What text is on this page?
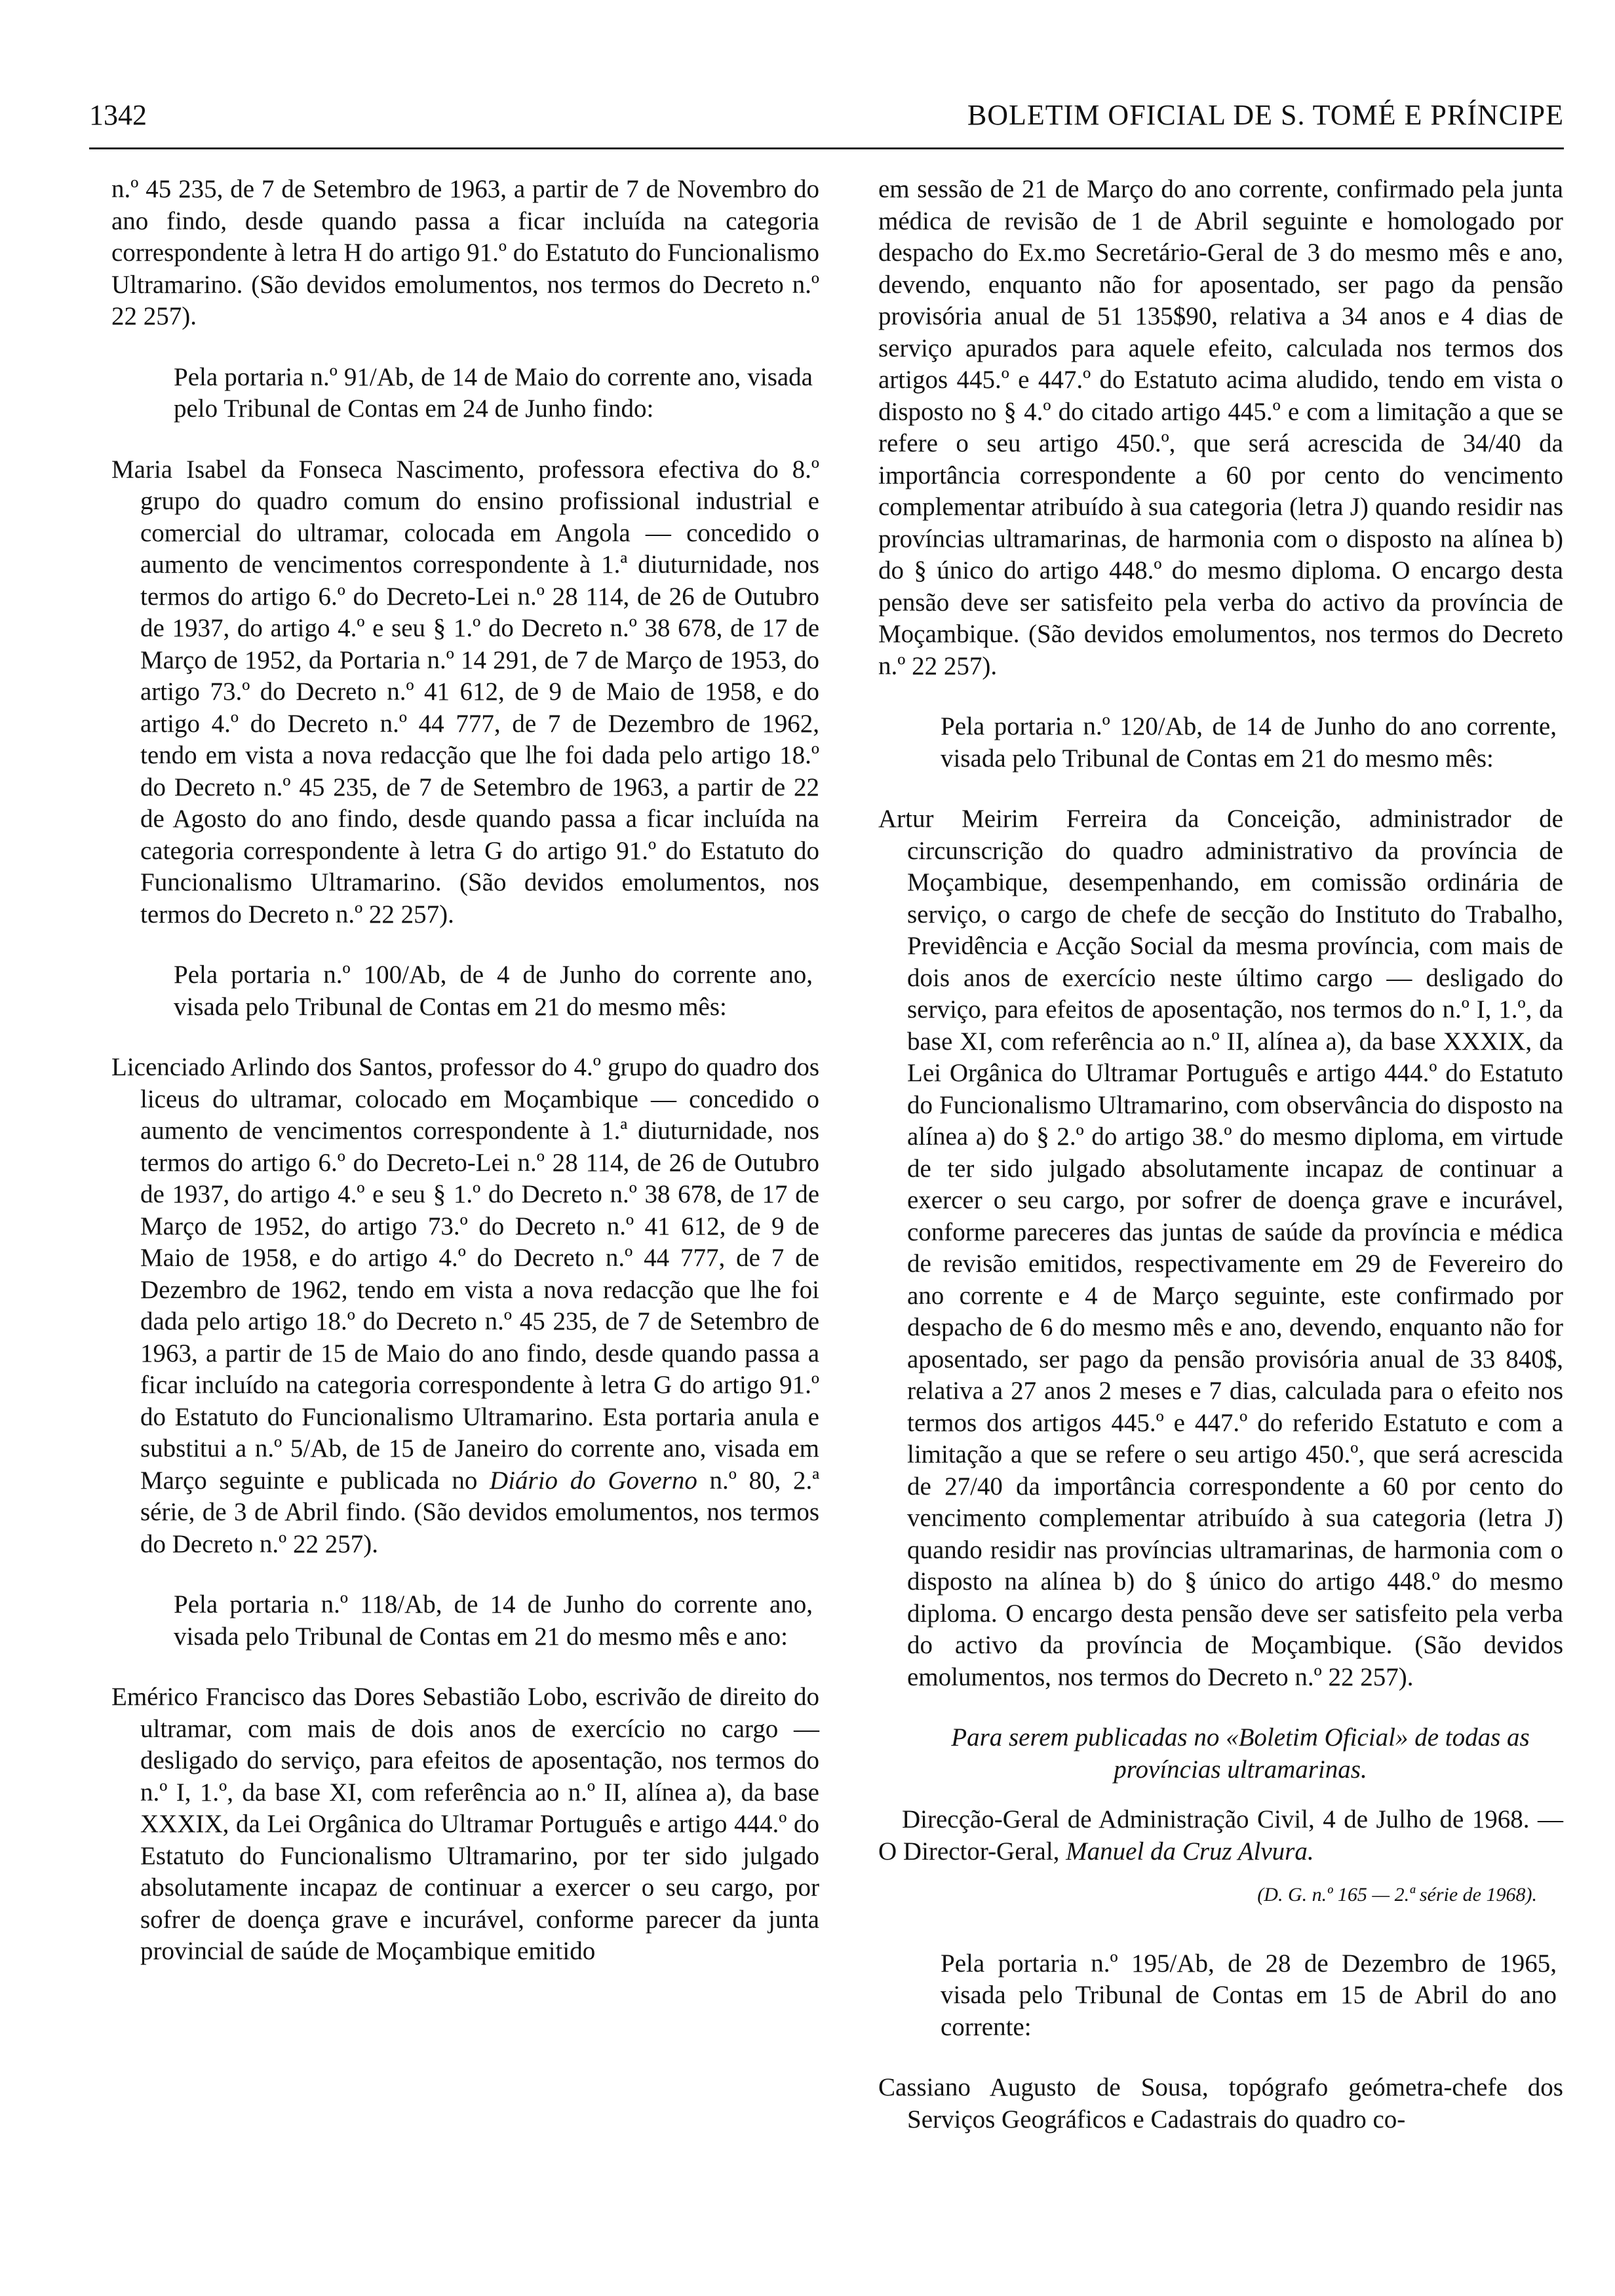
1342	BOLETIM OFICIAL DE S. TOMÉ E PRÍNCIPE

n.º 45 235, de 7 de Setembro de 1963, a partir de 7 de Novembro do ano findo, desde quando passa a ficar incluída na categoria correspondente à letra H do artigo 91.º do Estatuto do Funcionalismo Ultramarino. (São devidos emolumentos, nos termos do Decreto n.º 22 257).

Pela portaria n.º 91/Ab, de 14 de Maio do corrente ano, visada pelo Tribunal de Contas em 24 de Junho findo:

Maria Isabel da Fonseca Nascimento, professora efectiva do 8.º grupo do quadro comum do ensino profissional industrial e comercial do ultramar, colocada em Angola — concedido o aumento de vencimentos correspondente à 1.ª diuturnidade, nos termos do artigo 6.º do Decreto-Lei n.º 28 114, de 26 de Outubro de 1937, do artigo 4.º e seu § 1.º do Decreto n.º 38 678, de 17 de Março de 1952, da Portaria n.º 14 291, de 7 de Março de 1953, do artigo 73.º do Decreto n.º 41 612, de 9 de Maio de 1958, e do artigo 4.º do Decreto n.º 44 777, de 7 de Dezembro de 1962, tendo em vista a nova redacção que lhe foi dada pelo artigo 18.º do Decreto n.º 45 235, de 7 de Setembro de 1963, a partir de 22 de Agosto do ano findo, desde quando passa a ficar incluída na categoria correspondente à letra G do artigo 91.º do Estatuto do Funcionalismo Ultramarino. (São devidos emolumentos, nos termos do Decreto n.º 22 257).

Pela portaria n.º 100/Ab, de 4 de Junho do corrente ano, visada pelo Tribunal de Contas em 21 do mesmo mês:

Licenciado Arlindo dos Santos, professor do 4.º grupo do quadro dos liceus do ultramar, colocado em Moçambique — concedido o aumento de vencimentos correspondente à 1.ª diuturnidade, nos termos do artigo 6.º do Decreto-Lei n.º 28 114, de 26 de Outubro de 1937, do artigo 4.º e seu § 1.º do Decreto n.º 38 678, de 17 de Março de 1952, do artigo 73.º do Decreto n.º 41 612, de 9 de Maio de 1958, e do artigo 4.º do Decreto n.º 44 777, de 7 de Dezembro de 1962, tendo em vista a nova redacção que lhe foi dada pelo artigo 18.º do Decreto n.º 45 235, de 7 de Setembro de 1963, a partir de 15 de Maio do ano findo, desde quando passa a ficar incluído na categoria correspondente à letra G do artigo 91.º do Estatuto do Funcionalismo Ultramarino. Esta portaria anula e substitui a n.º 5/Ab, de 15 de Janeiro do corrente ano, visada em Março seguinte e publicada no Diário do Governo n.º 80, 2.ª série, de 3 de Abril findo. (São devidos emolumentos, nos termos do Decreto n.º 22 257).

Pela portaria n.º 118/Ab, de 14 de Junho do corrente ano, visada pelo Tribunal de Contas em 21 do mesmo mês e ano:

Emérico Francisco das Dores Sebastião Lobo, escrivão de direito do ultramar, com mais de dois anos de exercício no cargo — desligado do serviço, para efeitos de aposentação, nos termos do n.º I, 1.º, da base XI, com referência ao n.º II, alínea a), da base XXXIX, da Lei Orgânica do Ultramar Português e artigo 444.º do Estatuto do Funcionalismo Ultramarino, por ter sido julgado absolutamente incapaz de continuar a exercer o seu cargo, por sofrer de doença grave e incurável, conforme parecer da junta provincial de saúde de Moçambique emitido

em sessão de 21 de Março do ano corrente, confirmado pela junta médica de revisão de 1 de Abril seguinte e homologado por despacho do Ex.mo Secretário-Geral de 3 do mesmo mês e ano, devendo, enquanto não for aposentado, ser pago da pensão provisória anual de 51 135$90, relativa a 34 anos e 4 dias de serviço apurados para aquele efeito, calculada nos termos dos artigos 445.º e 447.º do Estatuto acima aludido, tendo em vista o disposto no § 4.º do citado artigo 445.º e com a limitação a que se refere o seu artigo 450.º, que será acrescida de 34/40 da importância correspondente a 60 por cento do vencimento complementar atribuído à sua categoria (letra J) quando residir nas províncias ultramarinas, de harmonia com o disposto na alínea b) do § único do artigo 448.º do mesmo diploma. O encargo desta pensão deve ser satisfeito pela verba do activo da província de Moçambique. (São devidos emolumentos, nos termos do Decreto n.º 22 257).

Pela portaria n.º 120/Ab, de 14 de Junho do ano corrente, visada pelo Tribunal de Contas em 21 do mesmo mês:

Artur Meirim Ferreira da Conceição, administrador de circunscrição do quadro administrativo da província de Moçambique, desempenhando, em comissão ordinária de serviço, o cargo de chefe de secção do Instituto do Trabalho, Previdência e Acção Social da mesma província, com mais de dois anos de exercício neste último cargo — desligado do serviço, para efeitos de aposentação, nos termos do n.º I, 1.º, da base XI, com referência ao n.º II, alínea a), da base XXXIX, da Lei Orgânica do Ultramar Português e artigo 444.º do Estatuto do Funcionalismo Ultramarino, com observância do disposto na alínea a) do § 2.º do artigo 38.º do mesmo diploma, em virtude de ter sido julgado absolutamente incapaz de continuar a exercer o seu cargo, por sofrer de doença grave e incurável, conforme pareceres das juntas de saúde da província e médica de revisão emitidos, respectivamente em 29 de Fevereiro do ano corrente e 4 de Março seguinte, este confirmado por despacho de 6 do mesmo mês e ano, devendo, enquanto não for aposentado, ser pago da pensão provisória anual de 33 840$, relativa a 27 anos 2 meses e 7 dias, calculada para o efeito nos termos dos artigos 445.º e 447.º do referido Estatuto e com a limitação a que se refere o seu artigo 450.º, que será acrescida de 27/40 da importância correspondente a 60 por cento do vencimento complementar atribuído à sua categoria (letra J) quando residir nas províncias ultramarinas, de harmonia com o disposto na alínea b) do § único do artigo 448.º do mesmo diploma. O encargo desta pensão deve ser satisfeito pela verba do activo da província de Moçambique. (São devidos emolumentos, nos termos do Decreto n.º 22 257).

Para serem publicadas no «Boletim Oficial» de todas as províncias ultramarinas.

Direcção-Geral de Administração Civil, 4 de Julho de 1968. — O Director-Geral, Manuel da Cruz Alvura.

(D. G. n.º 165 — 2.ª série de 1968).

Pela portaria n.º 195/Ab, de 28 de Dezembro de 1965, visada pelo Tribunal de Contas em 15 de Abril do ano corrente:

Cassiano Augusto de Sousa, topógrafo geómetra-chefe dos Serviços Geográficos e Cadastrais do quadro co-
